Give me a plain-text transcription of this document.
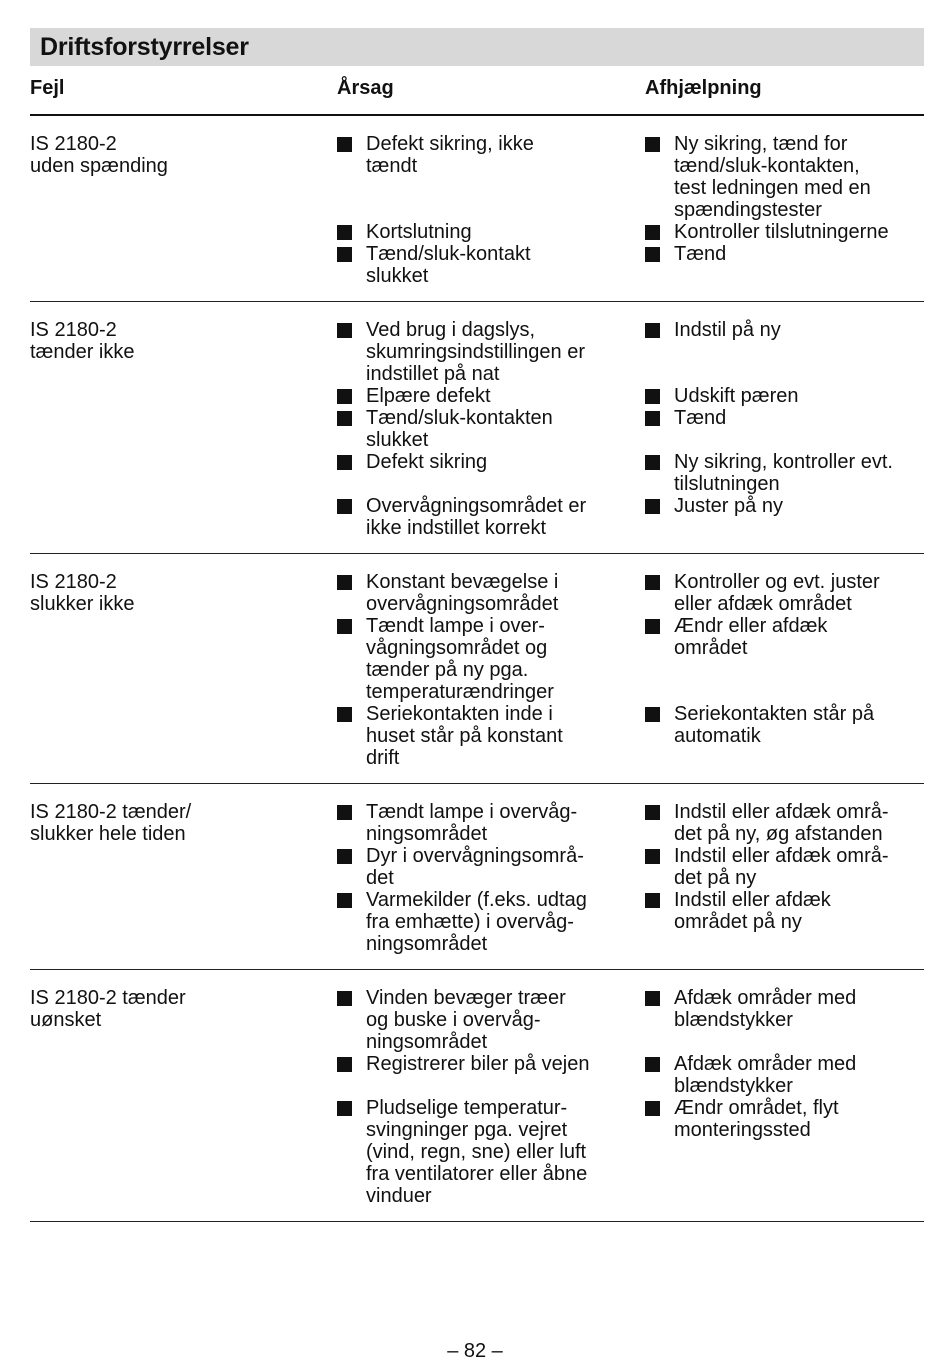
Driftsforstyrrelser
Fejl	Årsag	Afhjælpning
IS 2180-2
uden spænding
Defekt sikring, ikke
tændt
Kortslutning
Tænd/sluk-kontakt
slukket
Ny sikring, tænd for
tænd/sluk-kontakten,
test ledningen med en
spændingstester
Kontroller tilslutningerne
Tænd
IS 2180-2
tænder ikke
Ved brug i dagslys,
skumringsindstillingen er
indstillet på nat
Elpære defekt
Tænd/sluk-kontakten
slukket
Defekt sikring
Overvågningsområdet er
ikke indstillet korrekt
Indstil på ny
Udskift pæren
Tænd
Ny sikring, kontroller evt.
tilslutningen
Juster på ny
IS 2180-2
slukker ikke
Konstant bevægelse i
overvågningsområdet
Tændt lampe i over-
vågningsområdet og
tænder på ny pga.
temperaturændringer
Seriekontakten inde i
huset står på konstant
drift
Kontroller og evt. juster
eller afdæk området
Ændr eller afdæk
området
Seriekontakten står på
automatik
IS 2180-2 tænder/
slukker hele tiden
Tændt lampe i overvåg-
ningsområdet
Dyr i overvågningsområ-
det
Varmekilder (f.eks. udtag
fra emhætte) i overvåg-
ningsområdet
Indstil eller afdæk områ-
det på ny, øg afstanden
Indstil eller afdæk områ-
det på ny
Indstil eller afdæk
området på ny
IS 2180-2 tænder
uønsket
Vinden bevæger træer
og buske i overvåg-
ningsområdet
Registrerer biler på vejen
Pludselige temperatur-
svingninger pga. vejret
(vind, regn, sne) eller luft
fra ventilatorer eller åbne
vinduer
Afdæk områder med
blændstykker
Afdæk områder med
blændstykker
Ændr området, flyt
monteringssted
– 82 –
